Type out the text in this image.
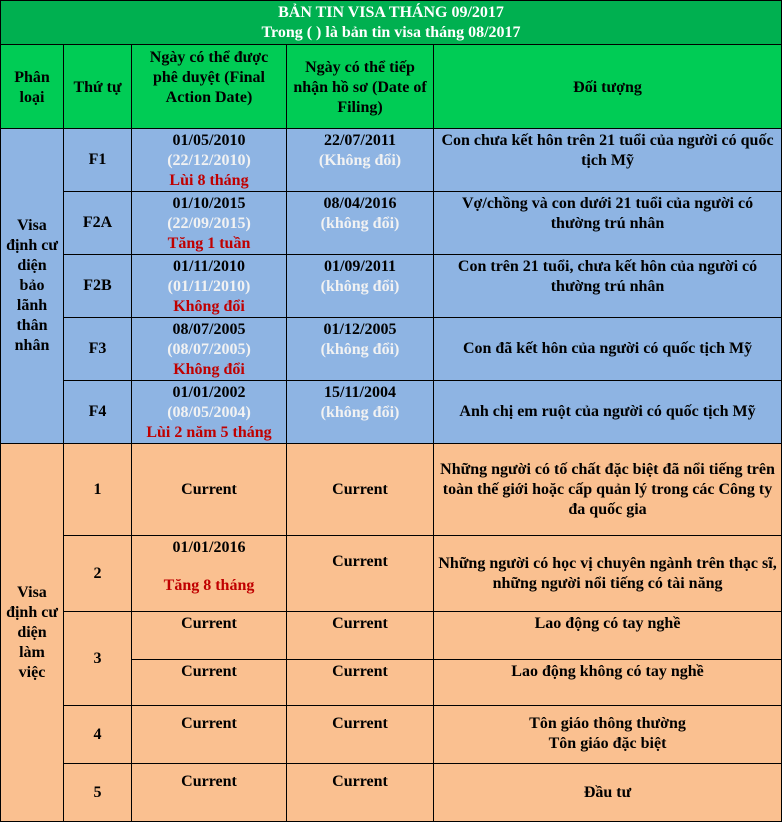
BẢN TIN VISA THÁNG 09/2017
Trong ( ) là bản tin visa tháng 08/2017				

Phân loại	Thứ tự	Ngày có thể được phê duyệt (Final Action Date)	Ngày có thể tiếp nhận hồ sơ (Date of Filing)	Đối tượng
Visa định cư diện bảo lãnh thân nhân	F1	01/05/2010
(22/12/2010)
Lùi 8 tháng	22/07/2011
(Không đổi)	Con chưa kết hôn trên 21 tuổi của người có quốc tịch Mỹ
	F2A	01/10/2015
(22/09/2015)
Tăng 1 tuần	08/04/2016
(không đổi)	Vợ/chồng và con dưới 21 tuổi của người có thường trú nhân
	F2B	01/11/2010
(01/11/2010)
Không đổi	01/09/2011
(không đổi)	Con trên 21 tuổi, chưa kết hôn của người có thường trú nhân
	F3	08/07/2005
(08/07/2005)
Không đổi	01/12/2005
(không đổi)	Con đã kết hôn của người có quốc tịch Mỹ
	F4	01/01/2002
(08/05/2004)
Lùi 2 năm 5 tháng	15/11/2004
(không đổi)	Anh chị em ruột của người có quốc tịch Mỹ
Visa định cư diện làm việc	1	Current	Current	Những người có tố chất đặc biệt đã nổi tiếng trên toàn thế giới hoặc cấp quản lý trong các Công ty đa quốc gia
	2	01/01/2016
Tăng 8 tháng	Current	Những người có học vị chuyên ngành trên thạc sĩ, những người nổi tiếng có tài năng
	3	Current	Current	Lao động có tay nghề
		Current	Current	Lao động không có tay nghề
	4	Current	Current	Tôn giáo thông thường
Tôn giáo đặc biệt

	5	Current	Current	Đầu tư
